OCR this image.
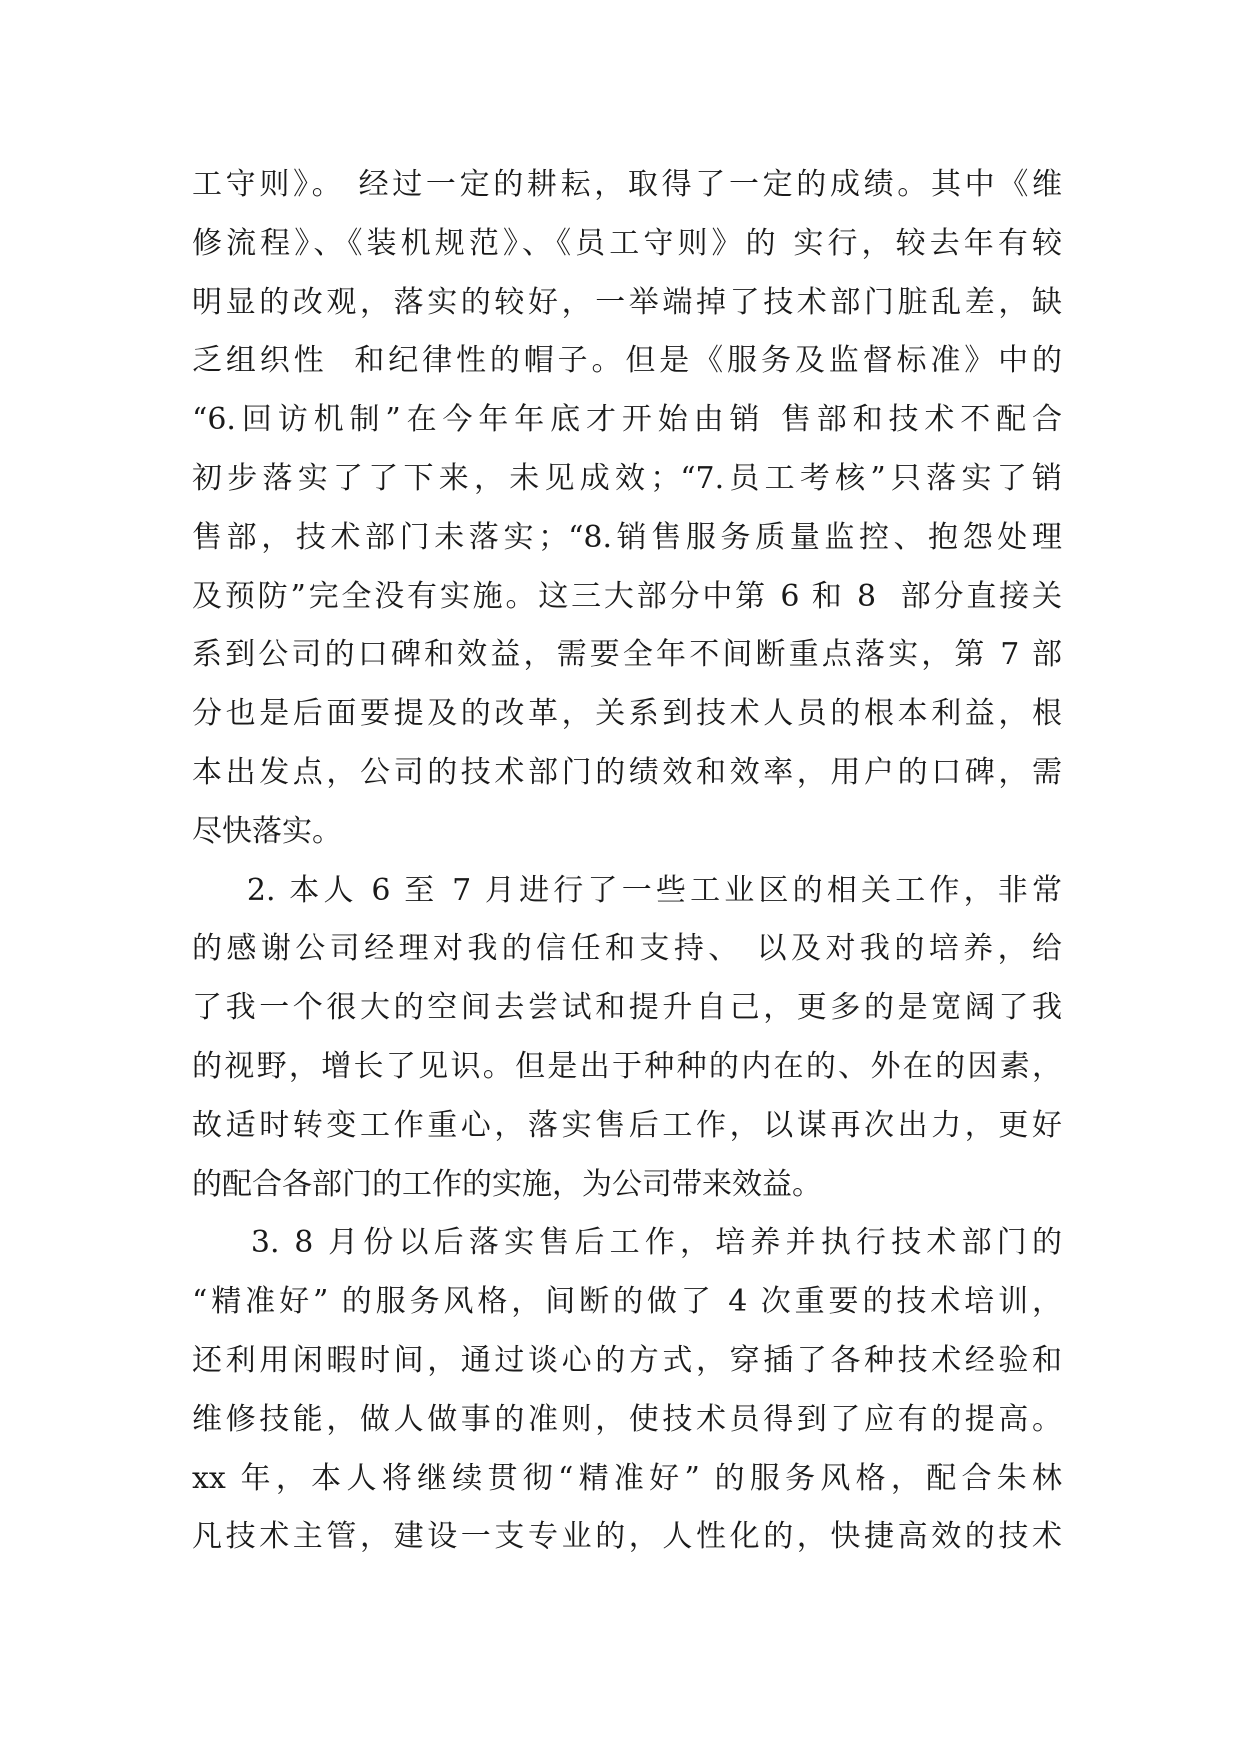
工守则》。 经过一定的耕耘，取得了一定的成绩。其中《维
修流程》、《装机规范》、《员工守则》的 实行，较去年有较
明显的改观，落实的较好，一举端掉了技术部门脏乱差，缺
乏组织性  和纪律性的帽子。但是《服务及监督标准》中的
“6.回访机制”在今年年底才开始由销 售部和技术不配合
初步落实了了下来，未见成效；“7.员工考核”只落实了销
售部，技术部门未落实；“8.销售服务质量监控、抱怨处理
及预防”完全没有实施。这三大部分中第 6 和 8  部分直接关
系到公司的口碑和效益，需要全年不间断重点落实，第 7 部
分也是后面要提及的改革，关系到技术人员的根本利益，根
本出发点，公司的技术部门的绩效和效率，用户的口碑，需
尽快落实。
2. 本人 6 至 7 月进行了一些工业区的相关工作，非常
的感谢公司经理对我的信任和支持、 以及对我的培养，给
了我一个很大的空间去尝试和提升自己，更多的是宽阔了我
的视野，增长了见识。但是出于种种的内在的、外在的因素，
故适时转变工作重心，落实售后工作，以谋再次出力，更好
的配合各部门的工作的实施，为公司带来效益。
3. 8 月份以后落实售后工作，培养并执行技术部门的
“精准好” 的服务风格，间断的做了 4 次重要的技术培训，
还利用闲暇时间，通过谈心的方式，穿插了各种技术经验和
维修技能，做人做事的准则，使技术员得到了应有的提高。
xx 年，本人将继续贯彻“精准好” 的服务风格，配合朱林
凡技术主管，建设一支专业的，人性化的，快捷高效的技术
